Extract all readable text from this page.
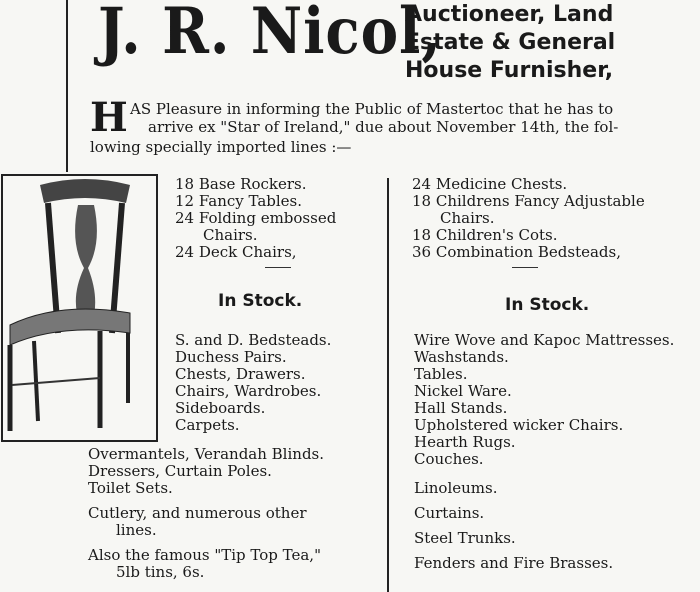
J. R. Nicol,
Auctioneer, Land
Estate & General
House Furnisher,
H AS Pleasure in informing the Public of Mastertoc that he has to
arrive ex "Star of Ireland," due about November 14th, the fol-
lowing specially imported lines :—
18 Base Rockers.
12 Fancy Tables.
24 Folding embossed
Chairs.
24 Deck Chairs,
24 Medicine Chests.
18 Childrens Fancy Adjustable
Chairs.
18 Children's Cots.
36 Combination Bedsteads,
In Stock.	In Stock.
S. and D. Bedsteads.
Duchess Pairs.
Chests, Drawers.
Chairs, Wardrobes.
Sideboards.
Carpets.
Overmantels, Verandah Blinds.
Dressers, Curtain Poles.
Toilet Sets.
Cutlery, and numerous other
lines.
Also the famous "Tip Top Tea,"
5lb tins, 6s.
Wire Wove and Kapoc Mattresses.
Washstands.
Tables.
Nickel Ware.
Hall Stands.
Upholstered wicker Chairs.
Hearth Rugs.
Couches.
Linoleums.
Curtains.
Steel Trunks.
Fenders and Fire Brasses.
